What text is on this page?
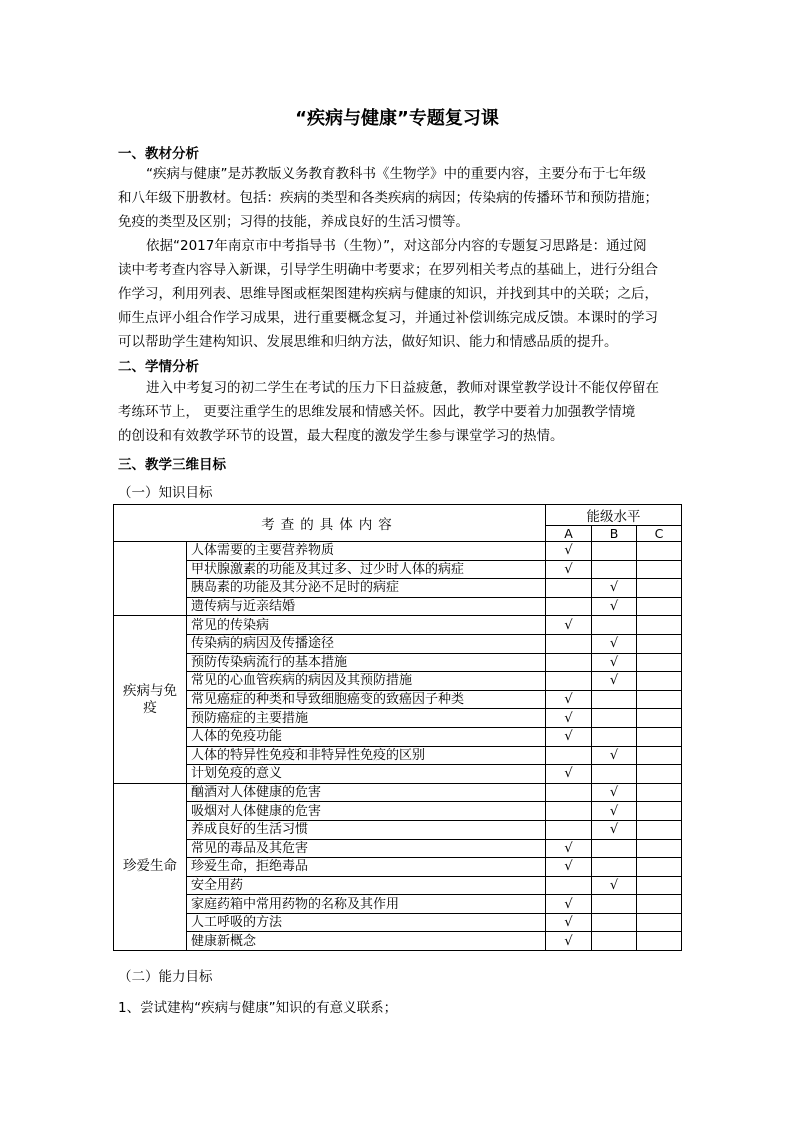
“疾病与健康”专题复习课
一、教材分析
“疾病与健康”是苏教版义务教育教科书《生物学》中的重要内容，主要分布于七年级
和八年级下册教材。包括：疾病的类型和各类疾病的病因；传染病的传播环节和预防措施；
免疫的类型及区别；习得的技能，养成良好的生活习惯等。
依据“2017年南京市中考指导书（生物）”，对这部分内容的专题复习思路是：通过阅
读中考考查内容导入新课，引导学生明确中考要求；在罗列相关考点的基础上，进行分组合
作学习，利用列表、思维导图或框架图建构疾病与健康的知识，并找到其中的关联；之后，
师生点评小组合作学习成果，进行重要概念复习，并通过补偿训练完成反馈。本课时的学习
可以帮助学生建构知识、发展思维和归纳方法，做好知识、能力和情感品质的提升。
二、学情分析
进入中考复习的初二学生在考试的压力下日益疲惫，教师对课堂教学设计不能仅停留在
考练环节上， 更要注重学生的思维发展和情感关怀。因此，教学中要着力加强教学情境
的创设和有效教学环节的设置，最大程度的激发学生参与课堂学习的热情。
三、教学三维目标
（一）知识目标
考查的具体内容		能级水平		
		A	B	C
	人体需要的主要营养物质	√		
	甲状腺激素的功能及其过多、过少时人体的病症	√		
	胰岛素的功能及其分泌不足时的病症		√	
	遗传病与近亲结婚		√	
疾病与免疫	常见的传染病	√		
	传染病的病因及传播途径		√	
	预防传染病流行的基本措施		√	
	常见的心血管疾病的病因及其预防措施		√	
	常见癌症的种类和导致细胞癌变的致癌因子种类	√		
	预防癌症的主要措施	√		
	人体的免疫功能	√		
	人体的特异性免疫和非特异性免疫的区别		√	
	计划免疫的意义	√		
珍爱生命	酗酒对人体健康的危害		√	
	吸烟对人体健康的危害		√	
	养成良好的生活习惯		√	
	常见的毒品及其危害	√		
	珍爱生命，拒绝毒品	√		
	安全用药		√	
	家庭药箱中常用药物的名称及其作用	√		
	人工呼吸的方法	√		
	健康新概念	√		
（二）能力目标
1、尝试建构“疾病与健康”知识的有意义联系；
